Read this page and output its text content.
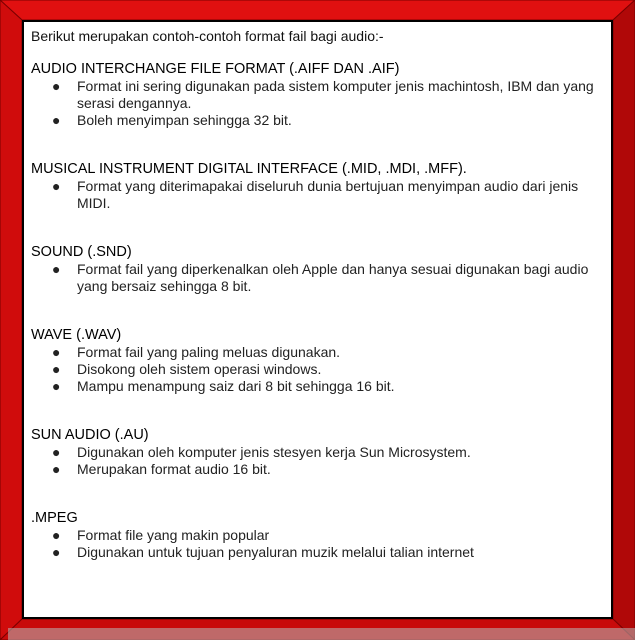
Berikut merupakan contoh-contoh format fail bagi audio:-

AUDIO INTERCHANGE FILE FORMAT (.AIFF DAN .AIF)

● Format ini sering digunakan pada sistem komputer jenis machintosh, IBM dan yang serasi dengannya.
● Boleh menyimpan sehingga 32 bit.

MUSICAL INSTRUMENT DIGITAL INTERFACE (.MID, .MDI, .MFF).

● Format yang diterimapakai diseluruh dunia bertujuan menyimpan audio dari jenis MIDI.

SOUND (.SND)

● Format fail yang diperkenalkan oleh Apple dan hanya sesuai digunakan bagi audio yang bersaiz sehingga 8 bit.

WAVE (.WAV)

● Format fail yang paling meluas digunakan.
● Disokong oleh sistem operasi windows.
● Mampu menampung saiz dari 8 bit sehingga 16 bit.

SUN AUDIO (.AU)

● Digunakan oleh komputer jenis stesyen kerja Sun Microsystem.
● Merupakan format audio 16 bit.

.MPEG

● Format file yang makin popular
● Digunakan untuk tujuan penyaluran muzik melalui talian internet
